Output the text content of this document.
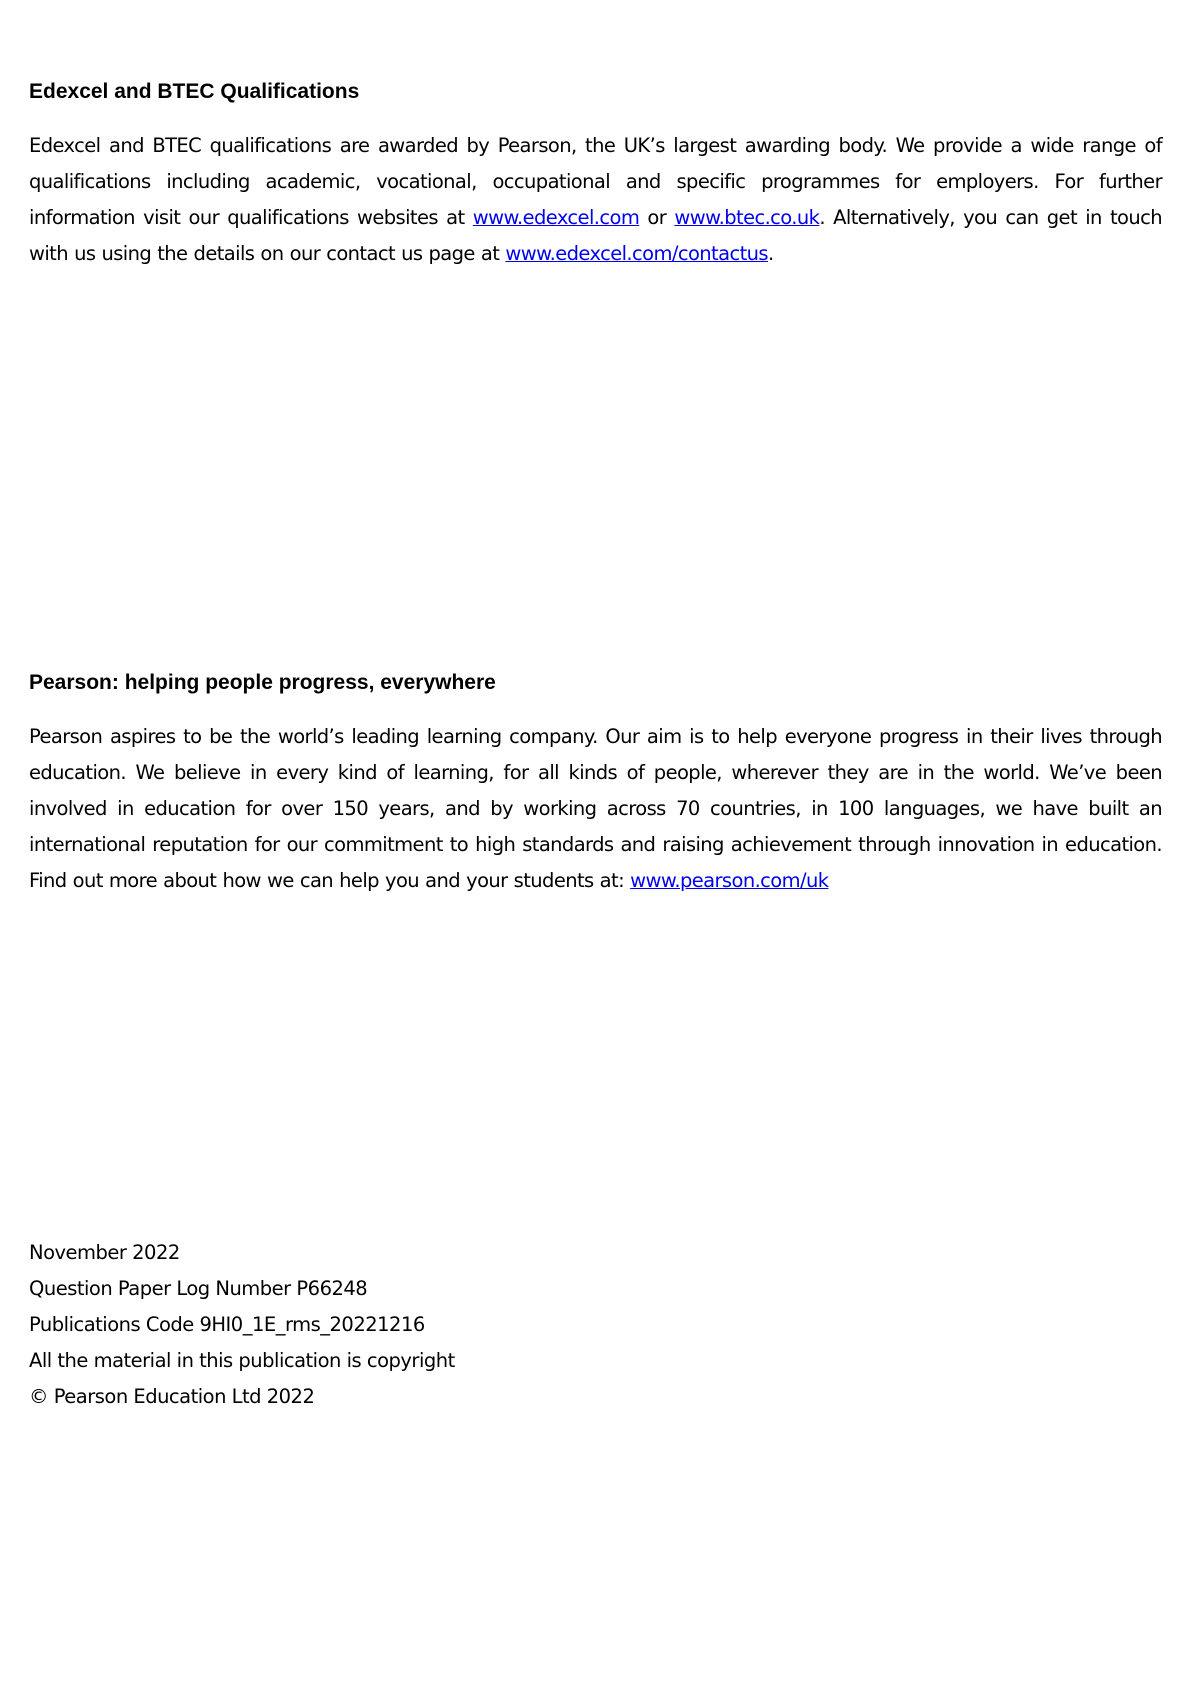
Edexcel and BTEC Qualifications

Edexcel and BTEC qualifications are awarded by Pearson, the UK’s largest awarding body. We provide a wide range of qualifications including academic, vocational, occupational and specific programmes for employers. For further information visit our qualifications websites at www.edexcel.com or www.btec.co.uk. Alternatively, you can get in touch with us using the details on our contact us page at www.edexcel.com/contactus.

Pearson: helping people progress, everywhere

Pearson aspires to be the world’s leading learning company. Our aim is to help everyone progress in their lives through education. We believe in every kind of learning, for all kinds of people, wherever they are in the world. We’ve been involved in education for over 150 years, and by working across 70 countries, in 100 languages, we have built an international reputation for our commitment to high standards and raising achievement through innovation in education. Find out more about how we can help you and your students at: www.pearson.com/uk

November 2022

Question Paper Log Number P66248

Publications Code 9HI0_1E_rms_20221216

All the material in this publication is copyright

© Pearson Education Ltd 2022
